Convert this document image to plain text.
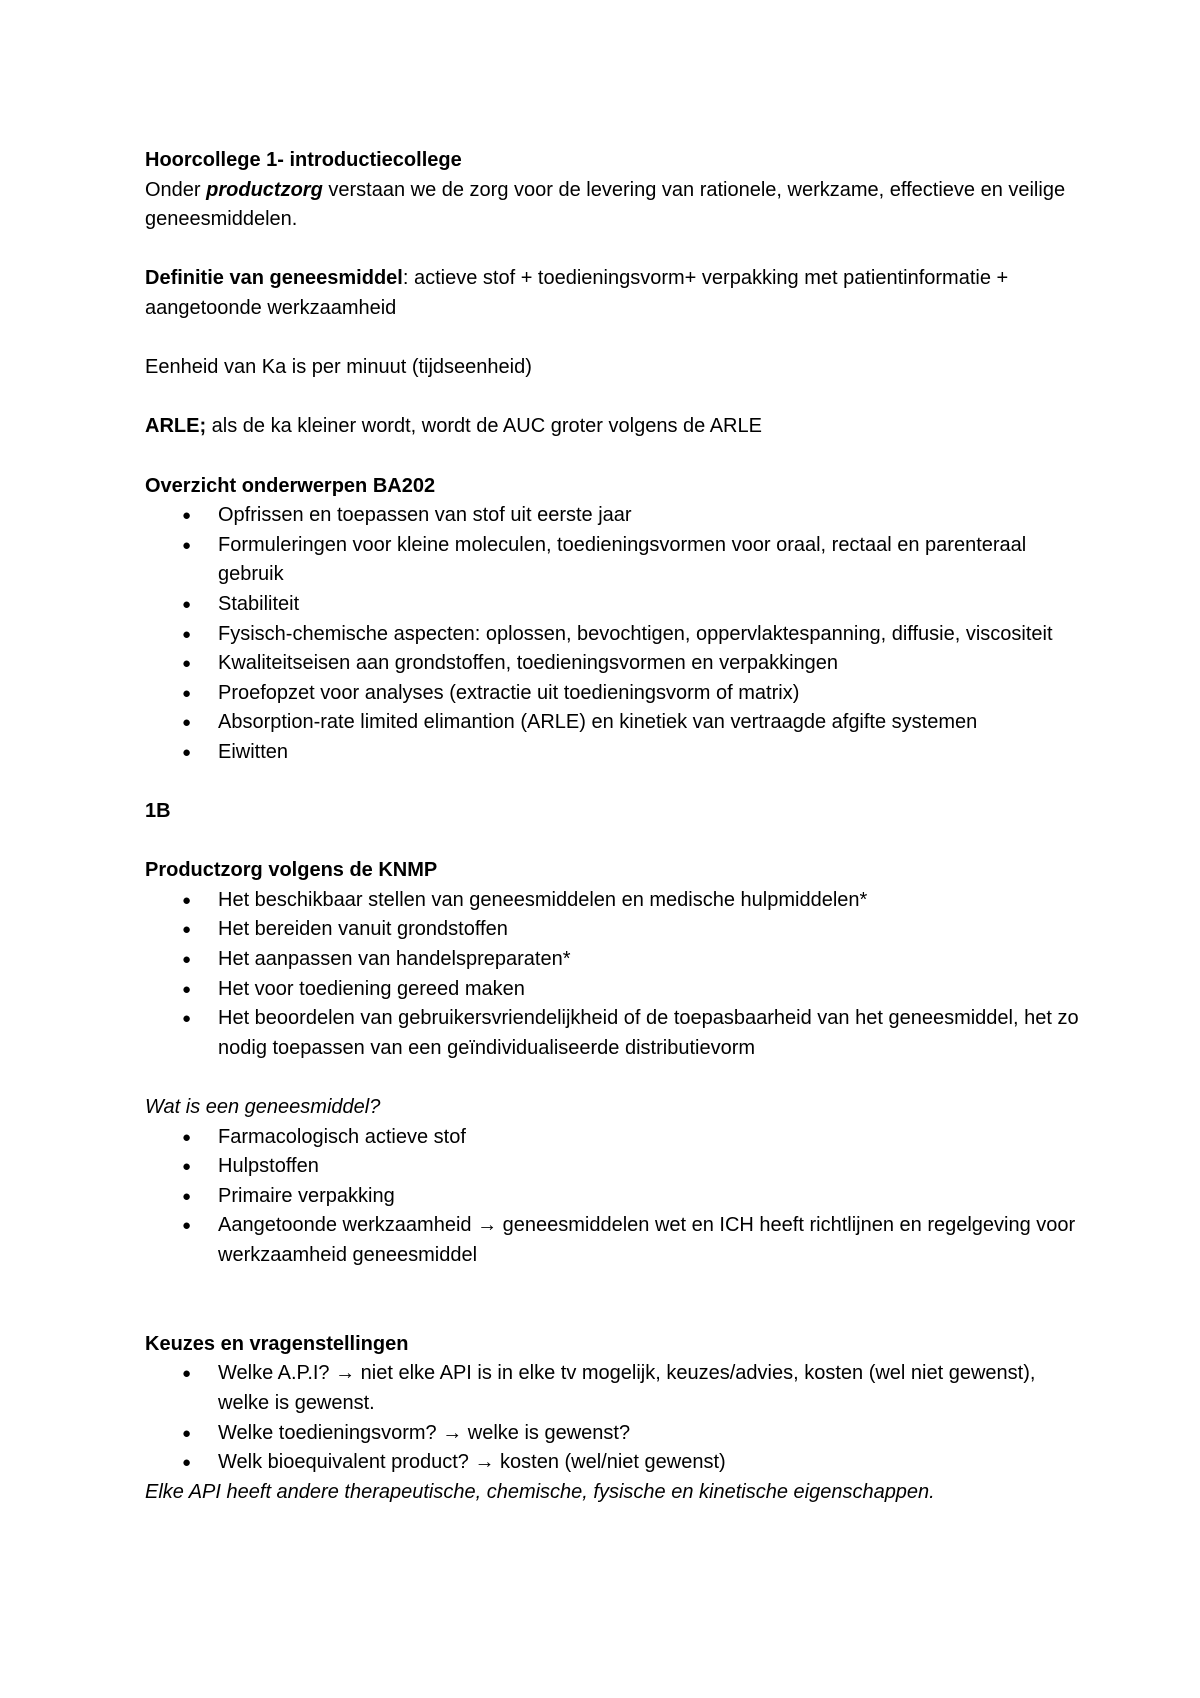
Hoorcollege 1- introductiecollege

Onder productzorg verstaan we de zorg voor de levering van rationele, werkzame, effectieve en veilige geneesmiddelen.

Definitie van geneesmiddel: actieve stof + toedieningsvorm+ verpakking met patientinformatie + aangetoonde werkzaamheid

Eenheid van Ka is per minuut (tijdseenheid)

ARLE; als de ka kleiner wordt, wordt de AUC groter volgens de ARLE

Overzicht onderwerpen BA202

● Opfrissen en toepassen van stof uit eerste jaar
● Formuleringen voor kleine moleculen, toedieningsvormen voor oraal, rectaal en parenteraal gebruik
● Stabiliteit
● Fysisch-chemische aspecten: oplossen, bevochtigen, oppervlaktespanning, diffusie, viscositeit
● Kwaliteitseisen aan grondstoffen, toedieningsvormen en verpakkingen
● Proefopzet voor analyses (extractie uit toedieningsvorm of matrix)
● Absorption-rate limited elimantion (ARLE) en kinetiek van vertraagde afgifte systemen
● Eiwitten

1B

Productzorg volgens de KNMP

● Het beschikbaar stellen van geneesmiddelen en medische hulpmiddelen*
● Het bereiden vanuit grondstoffen
● Het aanpassen van handelspreparaten*
● Het voor toediening gereed maken
● Het beoordelen van gebruikersvriendelijkheid of de toepasbaarheid van het geneesmiddel, het zo nodig toepassen van een geïndividualiseerde distributievorm

Wat is een geneesmiddel?

● Farmacologisch actieve stof
● Hulpstoffen
● Primaire verpakking
● Aangetoonde werkzaamheid → geneesmiddelen wet en ICH heeft richtlijnen en regelgeving voor werkzaamheid geneesmiddel

Keuzes en vragenstellingen

● Welke A.P.I? → niet elke API is in elke tv mogelijk, keuzes/advies, kosten (wel niet gewenst), welke is gewenst.
● Welke toedieningsvorm? → welke is gewenst?
● Welk bioequivalent product? → kosten (wel/niet gewenst)

Elke API heeft andere therapeutische, chemische, fysische en kinetische eigenschappen.
